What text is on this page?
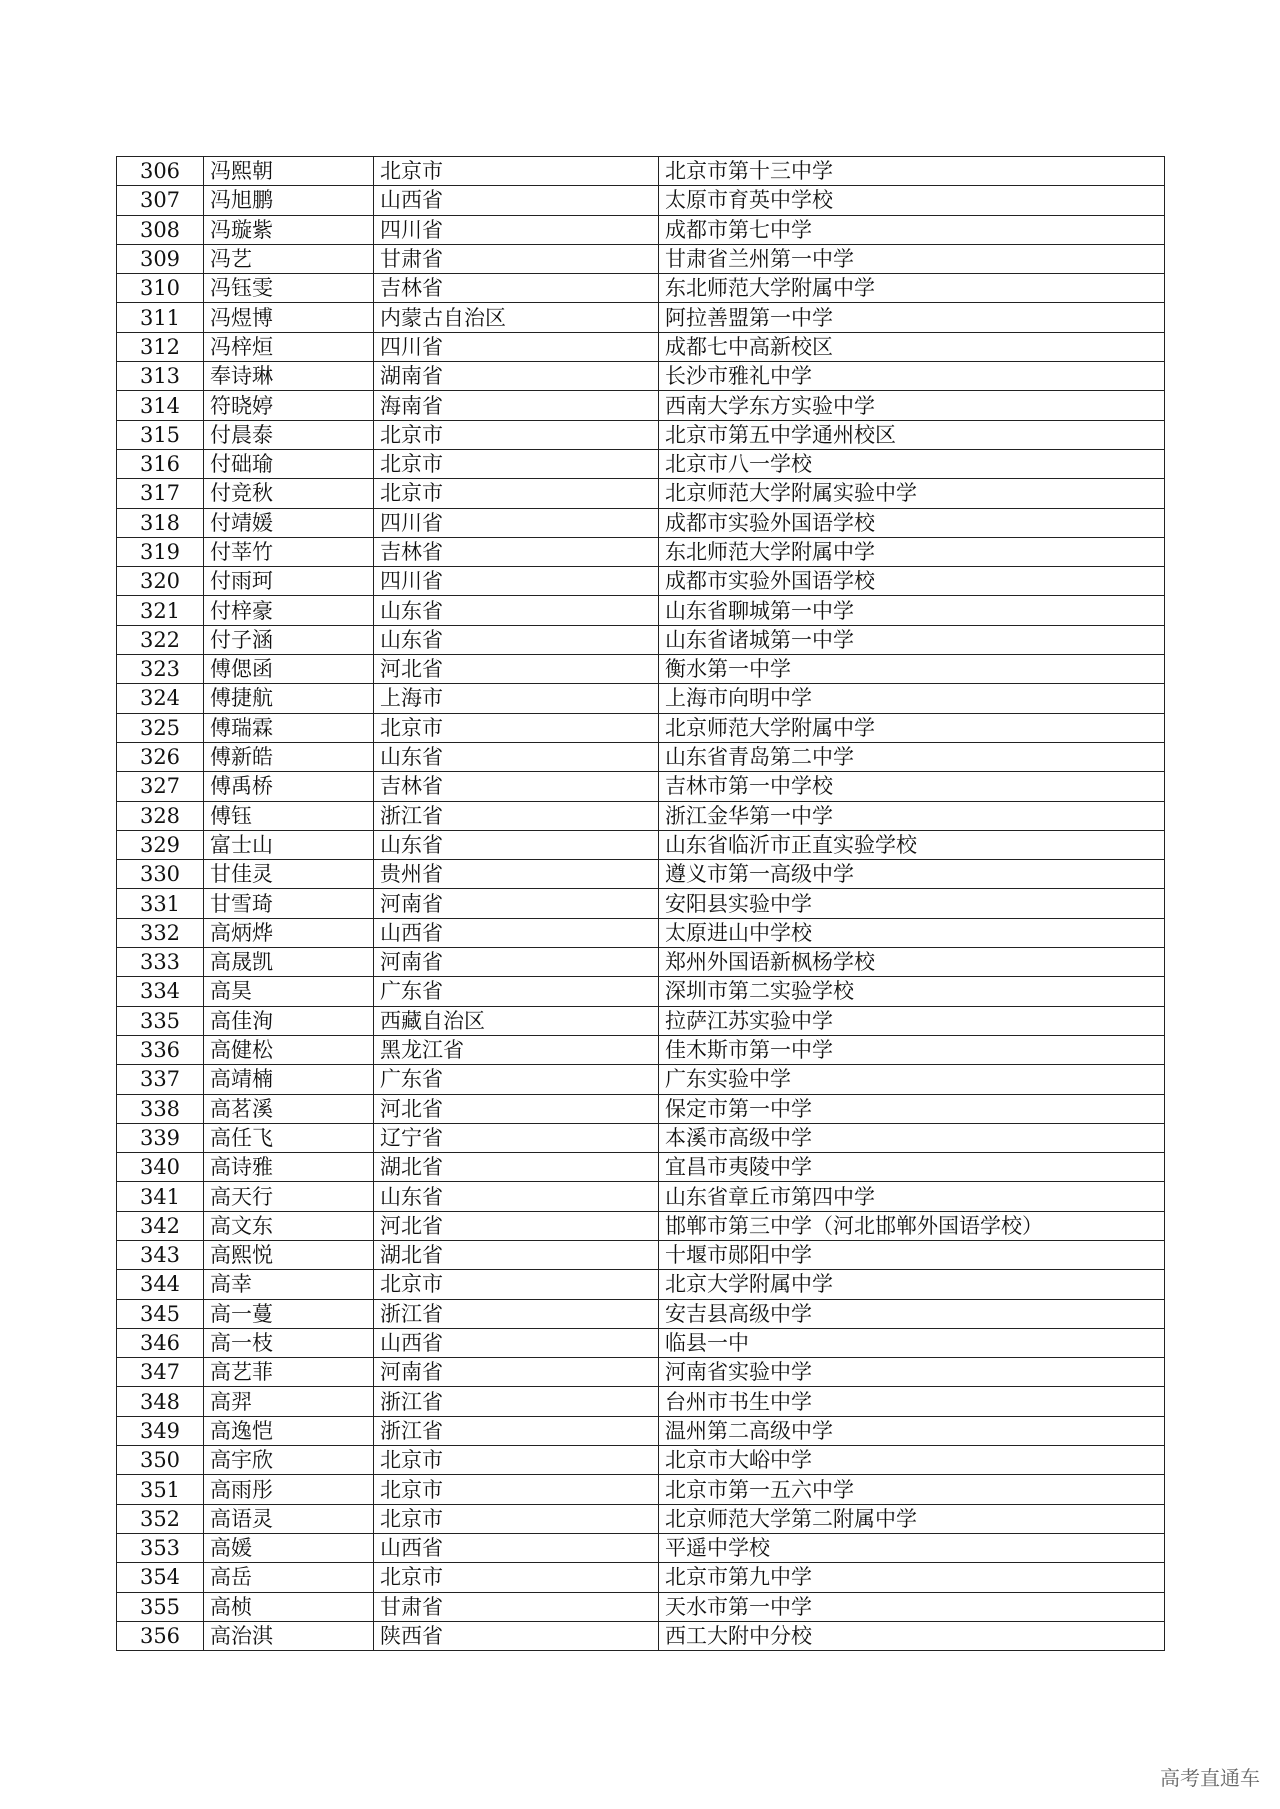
306	冯熙朝	北京市	北京市第十三中学
307	冯旭鹏	山西省	太原市育英中学校
308	冯璇紫	四川省	成都市第七中学
309	冯艺	甘肃省	甘肃省兰州第一中学
310	冯钰雯	吉林省	东北师范大学附属中学
311	冯煜博	内蒙古自治区	阿拉善盟第一中学
312	冯梓烜	四川省	成都七中高新校区
313	奉诗琳	湖南省	长沙市雅礼中学
314	符晓婷	海南省	西南大学东方实验中学
315	付晨泰	北京市	北京市第五中学通州校区
316	付础瑜	北京市	北京市八一学校
317	付竞秋	北京市	北京师范大学附属实验中学
318	付靖媛	四川省	成都市实验外国语学校
319	付莘竹	吉林省	东北师范大学附属中学
320	付雨珂	四川省	成都市实验外国语学校
321	付梓豪	山东省	山东省聊城第一中学
322	付子涵	山东省	山东省诸城第一中学
323	傅偲函	河北省	衡水第一中学
324	傅捷航	上海市	上海市向明中学
325	傅瑞霖	北京市	北京师范大学附属中学
326	傅新皓	山东省	山东省青岛第二中学
327	傅禹桥	吉林省	吉林市第一中学校
328	傅钰	浙江省	浙江金华第一中学
329	富士山	山东省	山东省临沂市正直实验学校
330	甘佳灵	贵州省	遵义市第一高级中学
331	甘雪琦	河南省	安阳县实验中学
332	高炳烨	山西省	太原进山中学校
333	高晟凯	河南省	郑州外国语新枫杨学校
334	高昊	广东省	深圳市第二实验学校
335	高佳洵	西藏自治区	拉萨江苏实验中学
336	高健松	黑龙江省	佳木斯市第一中学
337	高靖楠	广东省	广东实验中学
338	高茗溪	河北省	保定市第一中学
339	高任飞	辽宁省	本溪市高级中学
340	高诗雅	湖北省	宜昌市夷陵中学
341	高天行	山东省	山东省章丘市第四中学
342	高文东	河北省	邯郸市第三中学（河北邯郸外国语学校）
343	高熙悦	湖北省	十堰市郧阳中学
344	高幸	北京市	北京大学附属中学
345	高一蔓	浙江省	安吉县高级中学
346	高一枝	山西省	临县一中
347	高艺菲	河南省	河南省实验中学
348	高羿	浙江省	台州市书生中学
349	高逸恺	浙江省	温州第二高级中学
350	高宇欣	北京市	北京市大峪中学
351	高雨彤	北京市	北京市第一五六中学
352	高语灵	北京市	北京师范大学第二附属中学
353	高媛	山西省	平遥中学校
354	高岳	北京市	北京市第九中学
355	高桢	甘肃省	天水市第一中学
356	高治淇	陕西省	西工大附中分校
高考直通车
